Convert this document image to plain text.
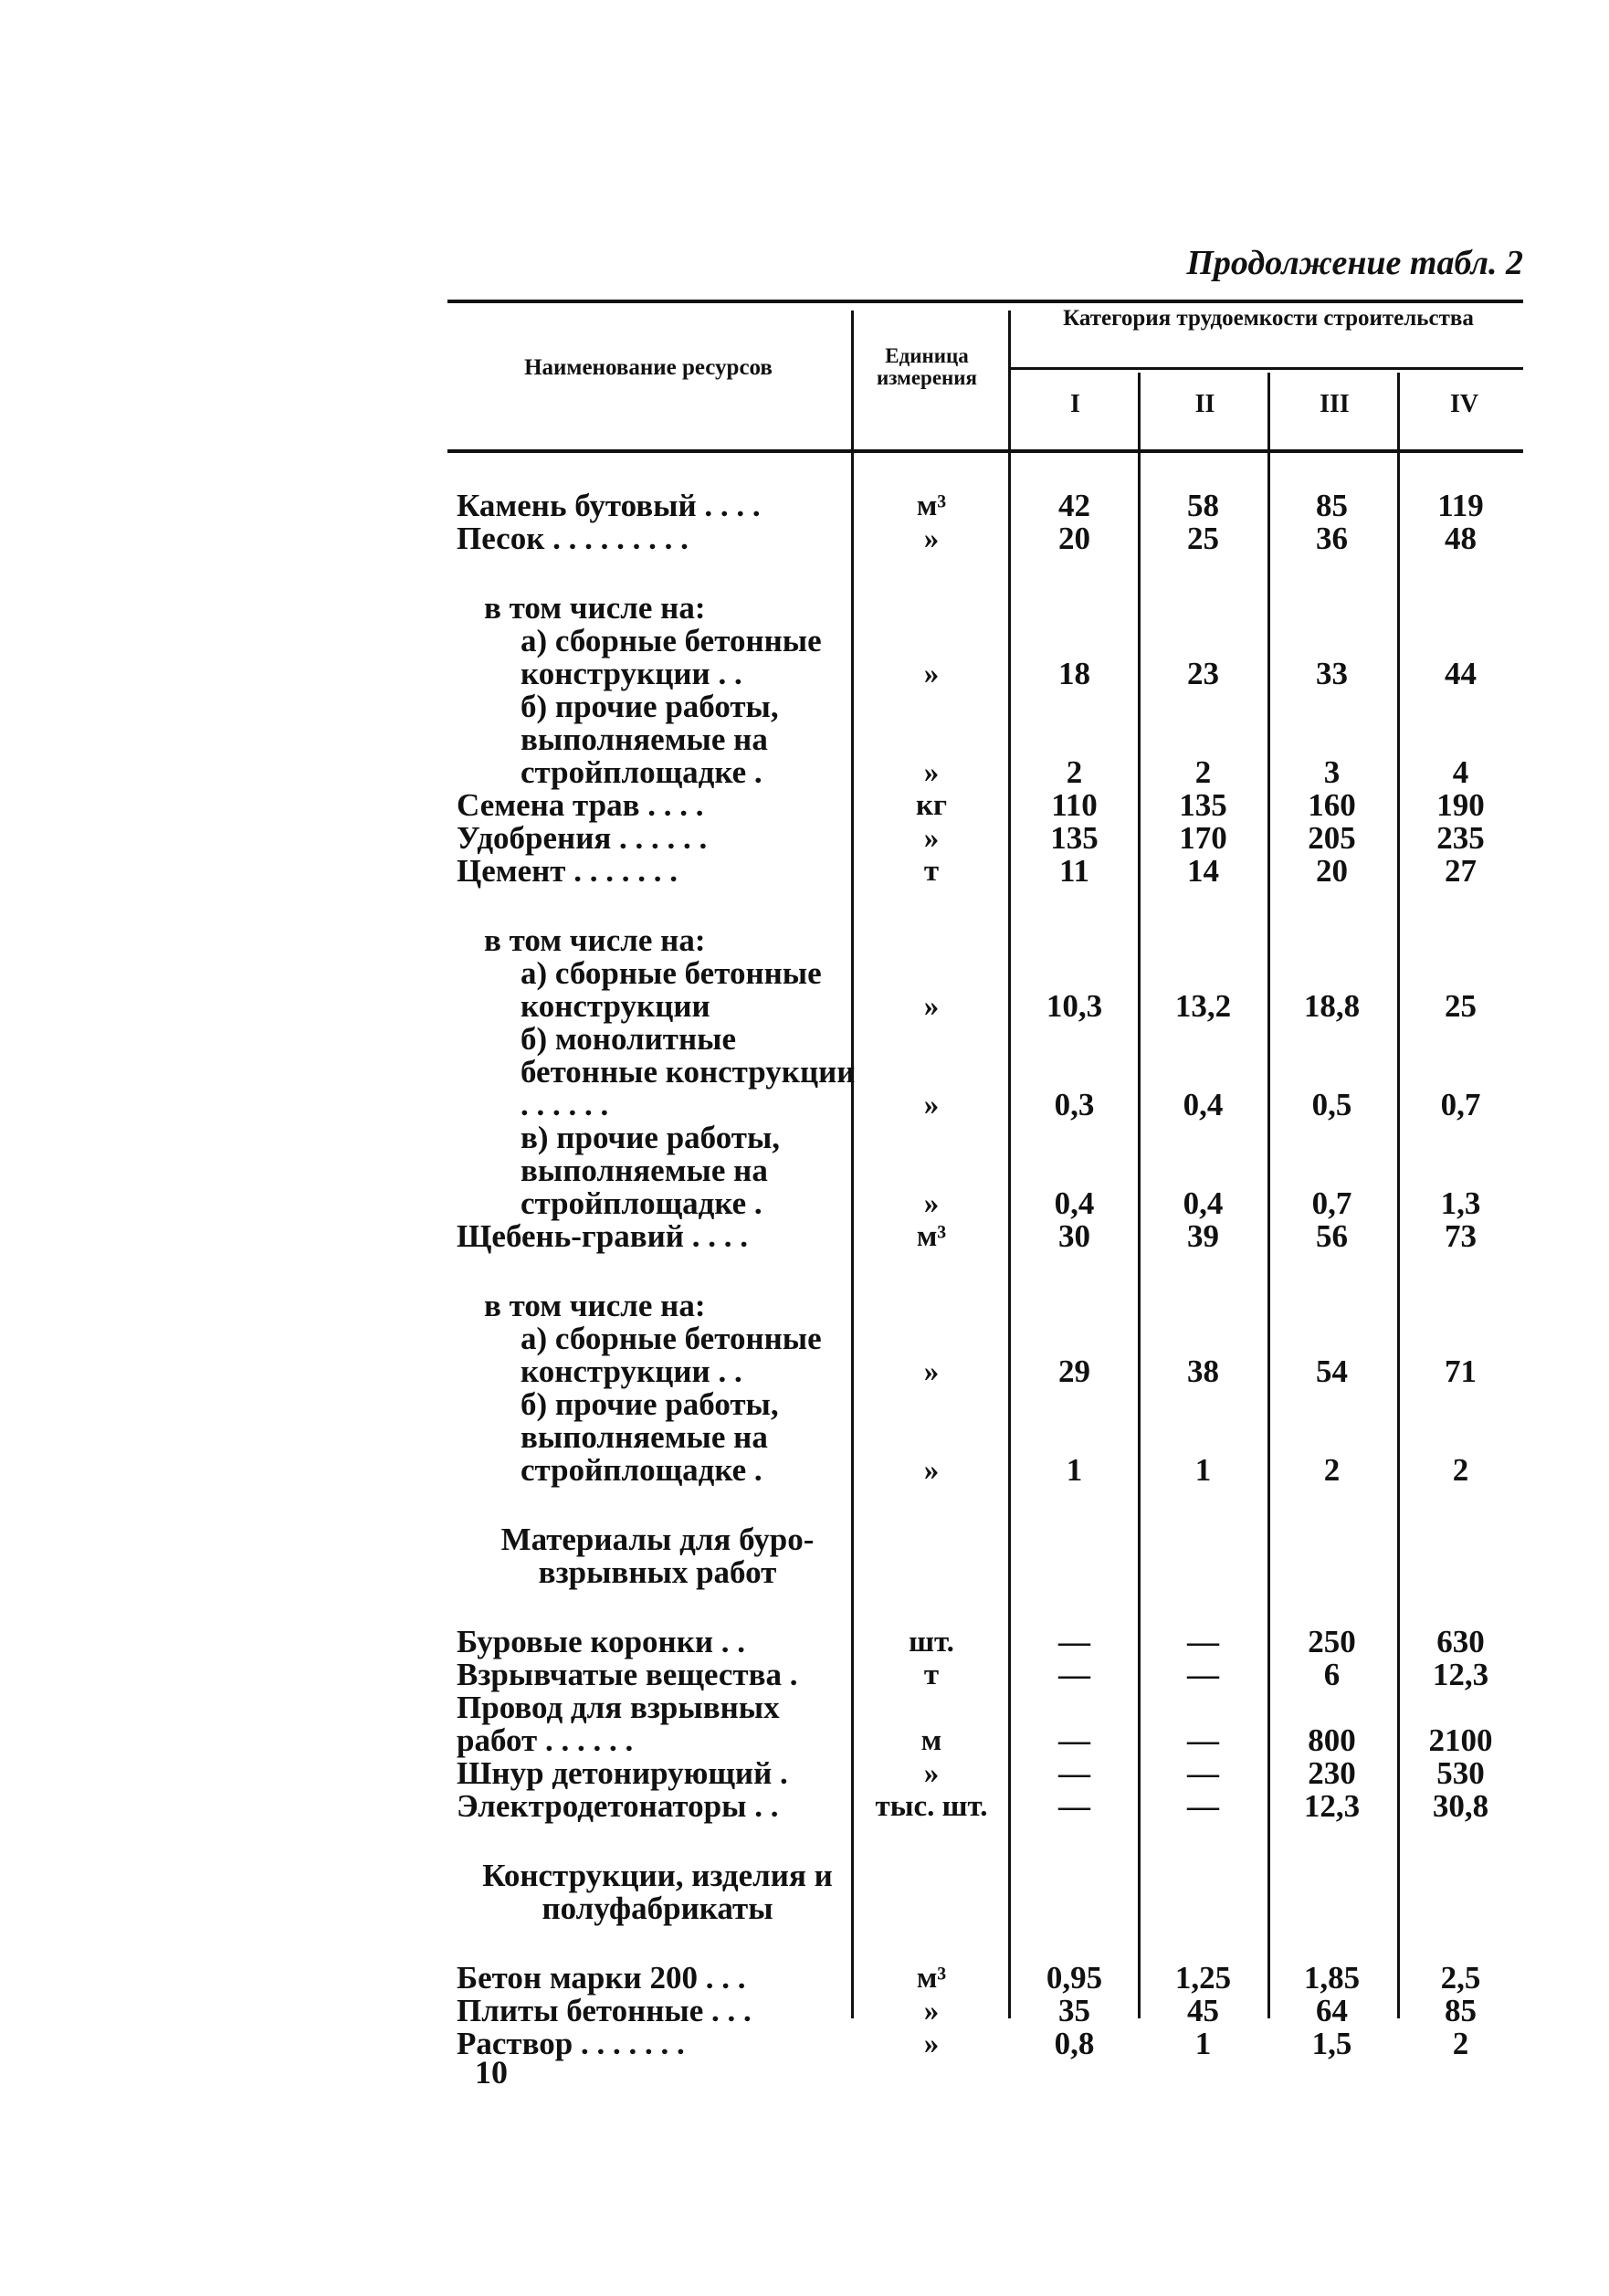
Продолжение табл. 2
Наименование ресурсов	Единица измерения
Категория трудоемкости строительства
I	II	III	IV
Камень бутовый . . . .	м³	42	58	85	119
Песок . . . . . . . . .	»	20	25	36	48
в том числе на:
а) сборные бетонные конструкции . .	»	18	23	33	44
б) прочие работы, выполняемые на стройплощадке .	»	2	2	3	4
Семена трав . . . .	кг	110	135	160	190
Удобрения . . . . . .	»	135	170	205	235
Цемент . . . . . . .	т	11	14	20	27
в том числе на:
а) сборные бетонные конструкции	»	10,3	13,2	18,8	25
б) монолитные бетонные конструкции . . . . . .	»	0,3	0,4	0,5	0,7
в) прочие работы, выполняемые на стройплощадке .	»	0,4	0,4	0,7	1,3
Щебень-гравий . . . .	м³	30	39	56	73
в том числе на:
а) сборные бетонные конструкции . .	»	29	38	54	71
б) прочие работы, выполняемые на стройплощадке .	»	1	1	2	2
Материалы для буро-взрывных работ
Буровые коронки . .	шт.	—	—	250	630
Взрывчатые вещества .	т	—	—	6	12,3
Провод для взрывных работ . . . . . .	м	—	—	800	2100
Шнур детонирующий .	»	—	—	230	530
Электродетонаторы . .	тыс. шт.	—	—	12,3	30,8
Конструкции, изделия и полуфабрикаты
Бетон марки 200 . . .	м³	0,95	1,25	1,85	2,5
Плиты бетонные . . .	»	35	45	64	85
Раствор . . . . . . .	»	0,8	1	1,5	2
10
